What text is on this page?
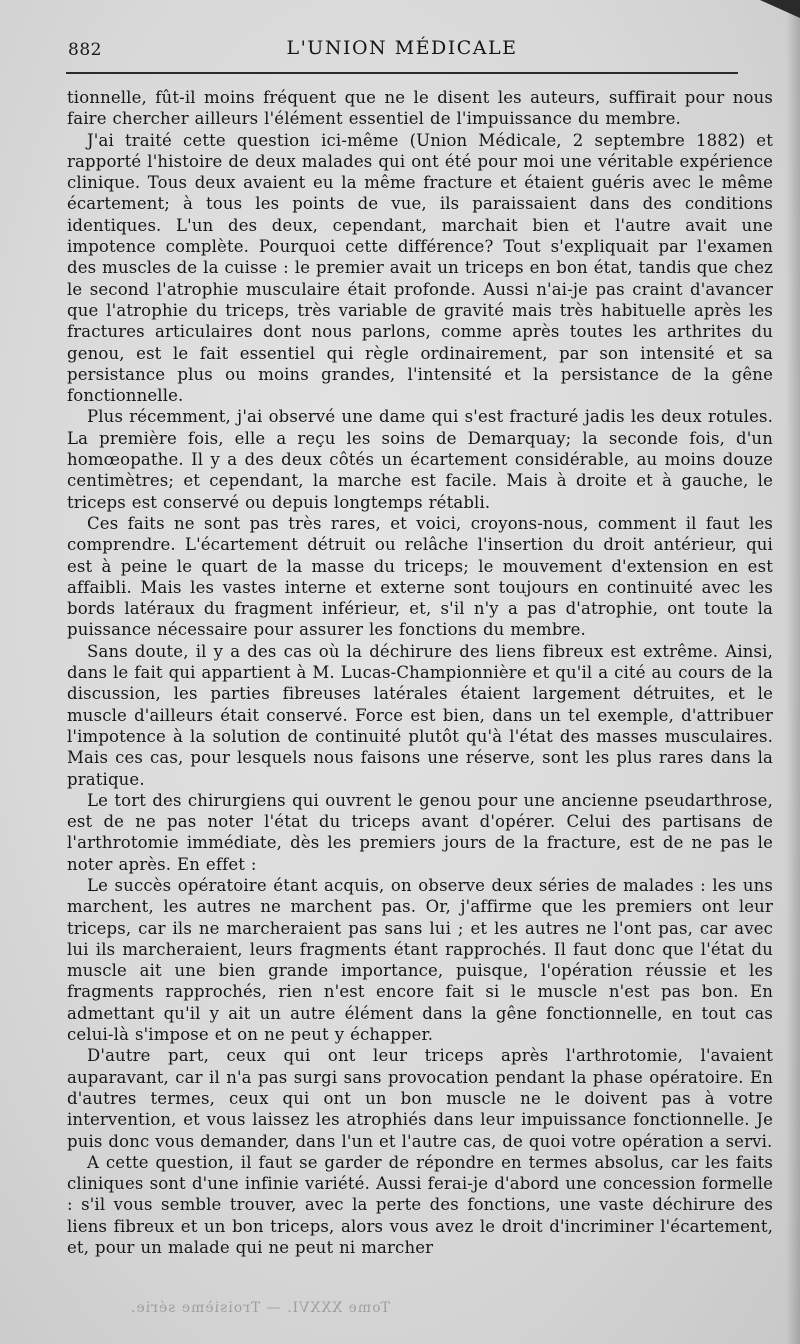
882	L'UNION MÉDICALE

tionnelle, fût-il moins fréquent que ne le disent les auteurs, suffirait pour nous faire chercher ailleurs l'élément essentiel de l'impuissance du membre.

J'ai traité cette question ici-même (Union Médicale, 2 septembre 1882) et rapporté l'histoire de deux malades qui ont été pour moi une véritable expérience clinique. Tous deux avaient eu la même fracture et étaient guéris avec le même écartement; à tous les points de vue, ils paraissaient dans des conditions identiques. L'un des deux, cependant, marchait bien et l'autre avait une impotence complète. Pourquoi cette différence? Tout s'expliquait par l'examen des muscles de la cuisse : le premier avait un triceps en bon état, tandis que chez le second l'atrophie musculaire était profonde. Aussi n'ai-je pas craint d'avancer que l'atrophie du triceps, très variable de gravité mais très habituelle après les fractures articulaires dont nous parlons, comme après toutes les arthrites du genou, est le fait essentiel qui règle ordinairement, par son intensité et sa persistance plus ou moins grandes, l'intensité et la persistance de la gêne fonctionnelle.

Plus récemment, j'ai observé une dame qui s'est fracturé jadis les deux rotules. La première fois, elle a reçu les soins de Demarquay; la seconde fois, d'un homœopathe. Il y a des deux côtés un écartement considérable, au moins douze centimètres; et cependant, la marche est facile. Mais à droite et à gauche, le triceps est conservé ou depuis longtemps rétabli.

Ces faits ne sont pas très rares, et voici, croyons-nous, comment il faut les comprendre. L'écartement détruit ou relâche l'insertion du droit antérieur, qui est à peine le quart de la masse du triceps; le mouvement d'extension en est affaibli. Mais les vastes interne et externe sont toujours en continuité avec les bords latéraux du fragment inférieur, et, s'il n'y a pas d'atrophie, ont toute la puissance nécessaire pour assurer les fonctions du membre.

Sans doute, il y a des cas où la déchirure des liens fibreux est extrême. Ainsi, dans le fait qui appartient à M. Lucas-Championnière et qu'il a cité au cours de la discussion, les parties fibreuses latérales étaient largement détruites, et le muscle d'ailleurs était conservé. Force est bien, dans un tel exemple, d'attribuer l'impotence à la solution de continuité plutôt qu'à l'état des masses musculaires. Mais ces cas, pour lesquels nous faisons une réserve, sont les plus rares dans la pratique.

Le tort des chirurgiens qui ouvrent le genou pour une ancienne pseudarthrose, est de ne pas noter l'état du triceps avant d'opérer. Celui des partisans de l'arthrotomie immédiate, dès les premiers jours de la fracture, est de ne pas le noter après. En effet :

Le succès opératoire étant acquis, on observe deux séries de malades : les uns marchent, les autres ne marchent pas. Or, j'affirme que les premiers ont leur triceps, car ils ne marcheraient pas sans lui ; et les autres ne l'ont pas, car avec lui ils marcheraient, leurs fragments étant rapprochés. Il faut donc que l'état du muscle ait une bien grande importance, puisque, l'opération réussie et les fragments rapprochés, rien n'est encore fait si le muscle n'est pas bon. En admettant qu'il y ait un autre élément dans la gêne fonctionnelle, en tout cas celui-là s'impose et on ne peut y échapper.

D'autre part, ceux qui ont leur triceps après l'arthrotomie, l'avaient auparavant, car il n'a pas surgi sans provocation pendant la phase opératoire. En d'autres termes, ceux qui ont un bon muscle ne le doivent pas à votre intervention, et vous laissez les atrophiés dans leur impuissance fonctionnelle. Je puis donc vous demander, dans l'un et l'autre cas, de quoi votre opération a servi.

A cette question, il faut se garder de répondre en termes absolus, car les faits cliniques sont d'une infinie variété. Aussi ferai-je d'abord une concession formelle : s'il vous semble trouver, avec la perte des fonctions, une vaste déchirure des liens fibreux et un bon triceps, alors vous avez le droit d'incriminer l'écartement, et, pour un malade qui ne peut ni marcher

Tome XXXVI. — Troisième série.
